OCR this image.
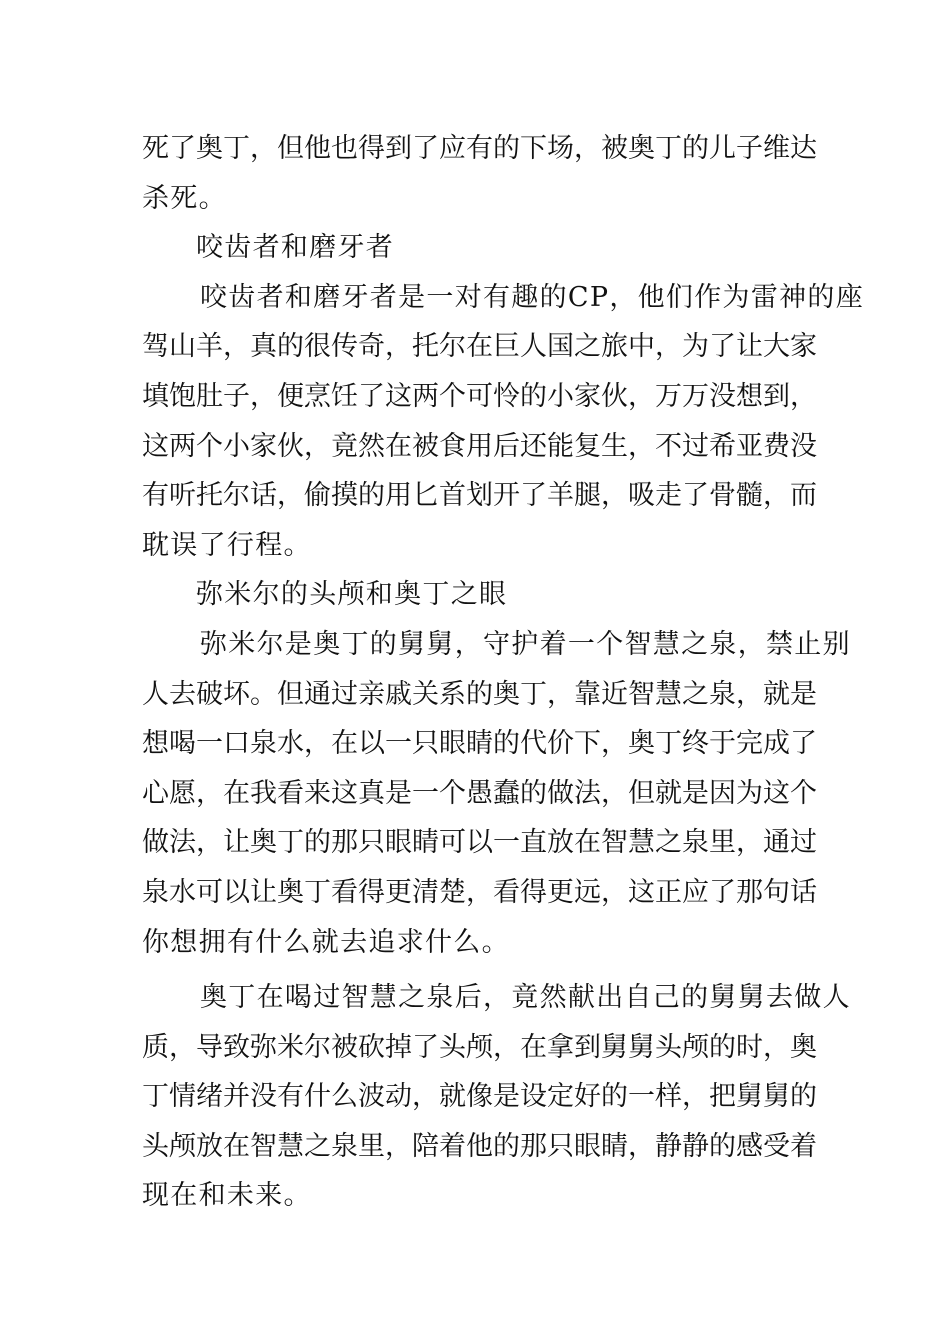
死了奥丁，但他也得到了应有的下场，被奥丁的儿子维达
杀死。
咬齿者和磨牙者
咬齿者和磨牙者是一对有趣的CP，他们作为雷神的座
驾山羊，真的很传奇，托尔在巨人国之旅中，为了让大家
填饱肚子，便烹饪了这两个可怜的小家伙，万万没想到，
这两个小家伙，竟然在被食用后还能复生，不过希亚费没
有听托尔话，偷摸的用匕首划开了羊腿，吸走了骨髓，而
耽误了行程。
弥米尔的头颅和奥丁之眼
弥米尔是奥丁的舅舅，守护着一个智慧之泉，禁止别
人去破坏。但通过亲戚关系的奥丁，靠近智慧之泉，就是
想喝一口泉水，在以一只眼睛的代价下，奥丁终于完成了
心愿，在我看来这真是一个愚蠢的做法，但就是因为这个
做法，让奥丁的那只眼睛可以一直放在智慧之泉里，通过
泉水可以让奥丁看得更清楚，看得更远，这正应了那句话
你想拥有什么就去追求什么。
奥丁在喝过智慧之泉后，竟然献出自己的舅舅去做人
质，导致弥米尔被砍掉了头颅，在拿到舅舅头颅的时，奥
丁情绪并没有什么波动，就像是设定好的一样，把舅舅的
头颅放在智慧之泉里，陪着他的那只眼睛，静静的感受着
现在和未来。
